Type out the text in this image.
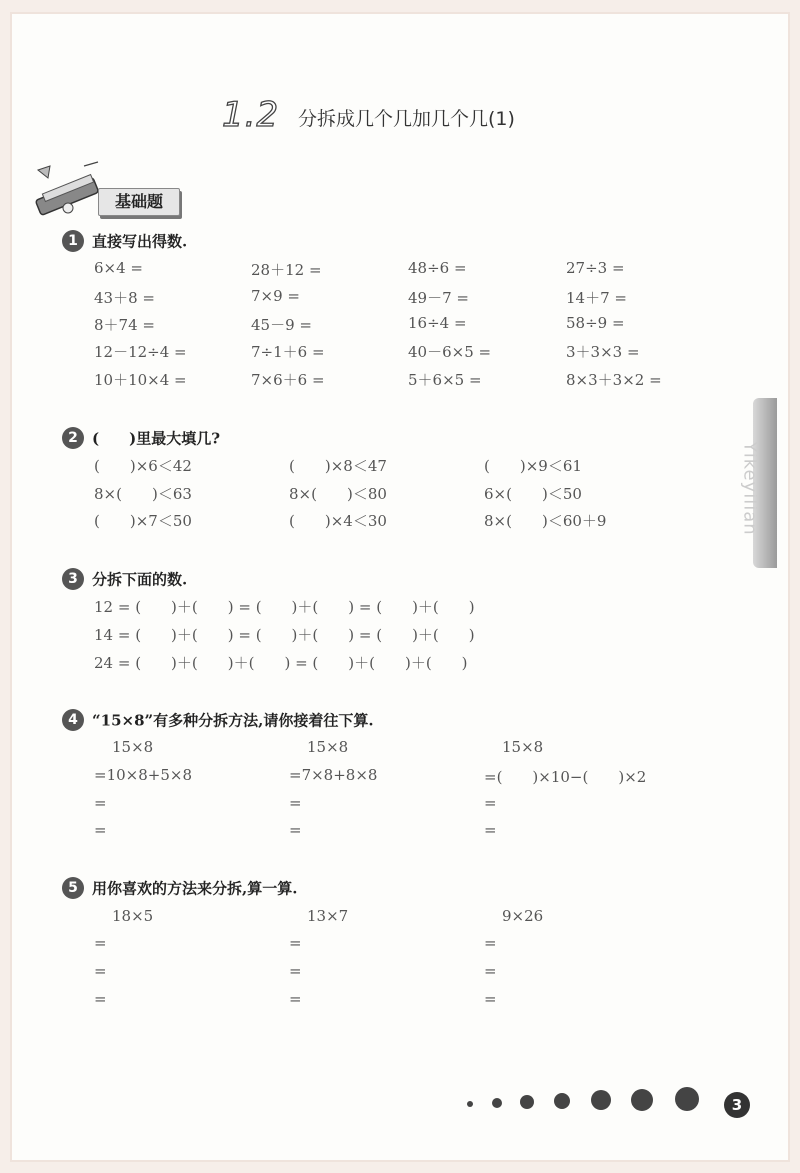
1.2 分拆成几个几加几个几(1)
基础题
1 直接写出得数.
6×4 =	28＋12 =	48÷6 =	27÷3 =
43＋8 =	7×9 =	49－7 =	14＋7 =
8＋74 =	45－9 =	16÷4 =	58÷9 =
12－12÷4 =	7÷1＋6 =	40－6×5 =	3＋3×3 =
10＋10×4 =	7×6＋6 =	5＋6×5 =	8×3＋3×2 =
2 (　　)里最大填几?
(　　)×6＜42	(　　)×8＜47	(　　)×9＜61
8×(　　)＜63	8×(　　)＜80	6×(　　)＜50
(　　)×7＜50	(　　)×4＜30	8×(　　)＜60＋9
3 分拆下面的数.
12 = (　　)＋(　　) = (　　)＋(　　) = (　　)＋(　　)
14 = (　　)＋(　　) = (　　)＋(　　) = (　　)＋(　　)
24 = (　　)＋(　　)＋(　　) = (　　)＋(　　)＋(　　)
4 “15×8”有多种分拆方法,请你接着往下算.
15×8
=10×8+5×8
=
=
15×8
=7×8+8×8
=
=
15×8
=(　　)×10−(　　)×2
=
=
5 用你喜欢的方法来分拆,算一算.
18×5
=
=
=
13×7
=
=
=
9×26
=
=
=
Yikeyilian
3
